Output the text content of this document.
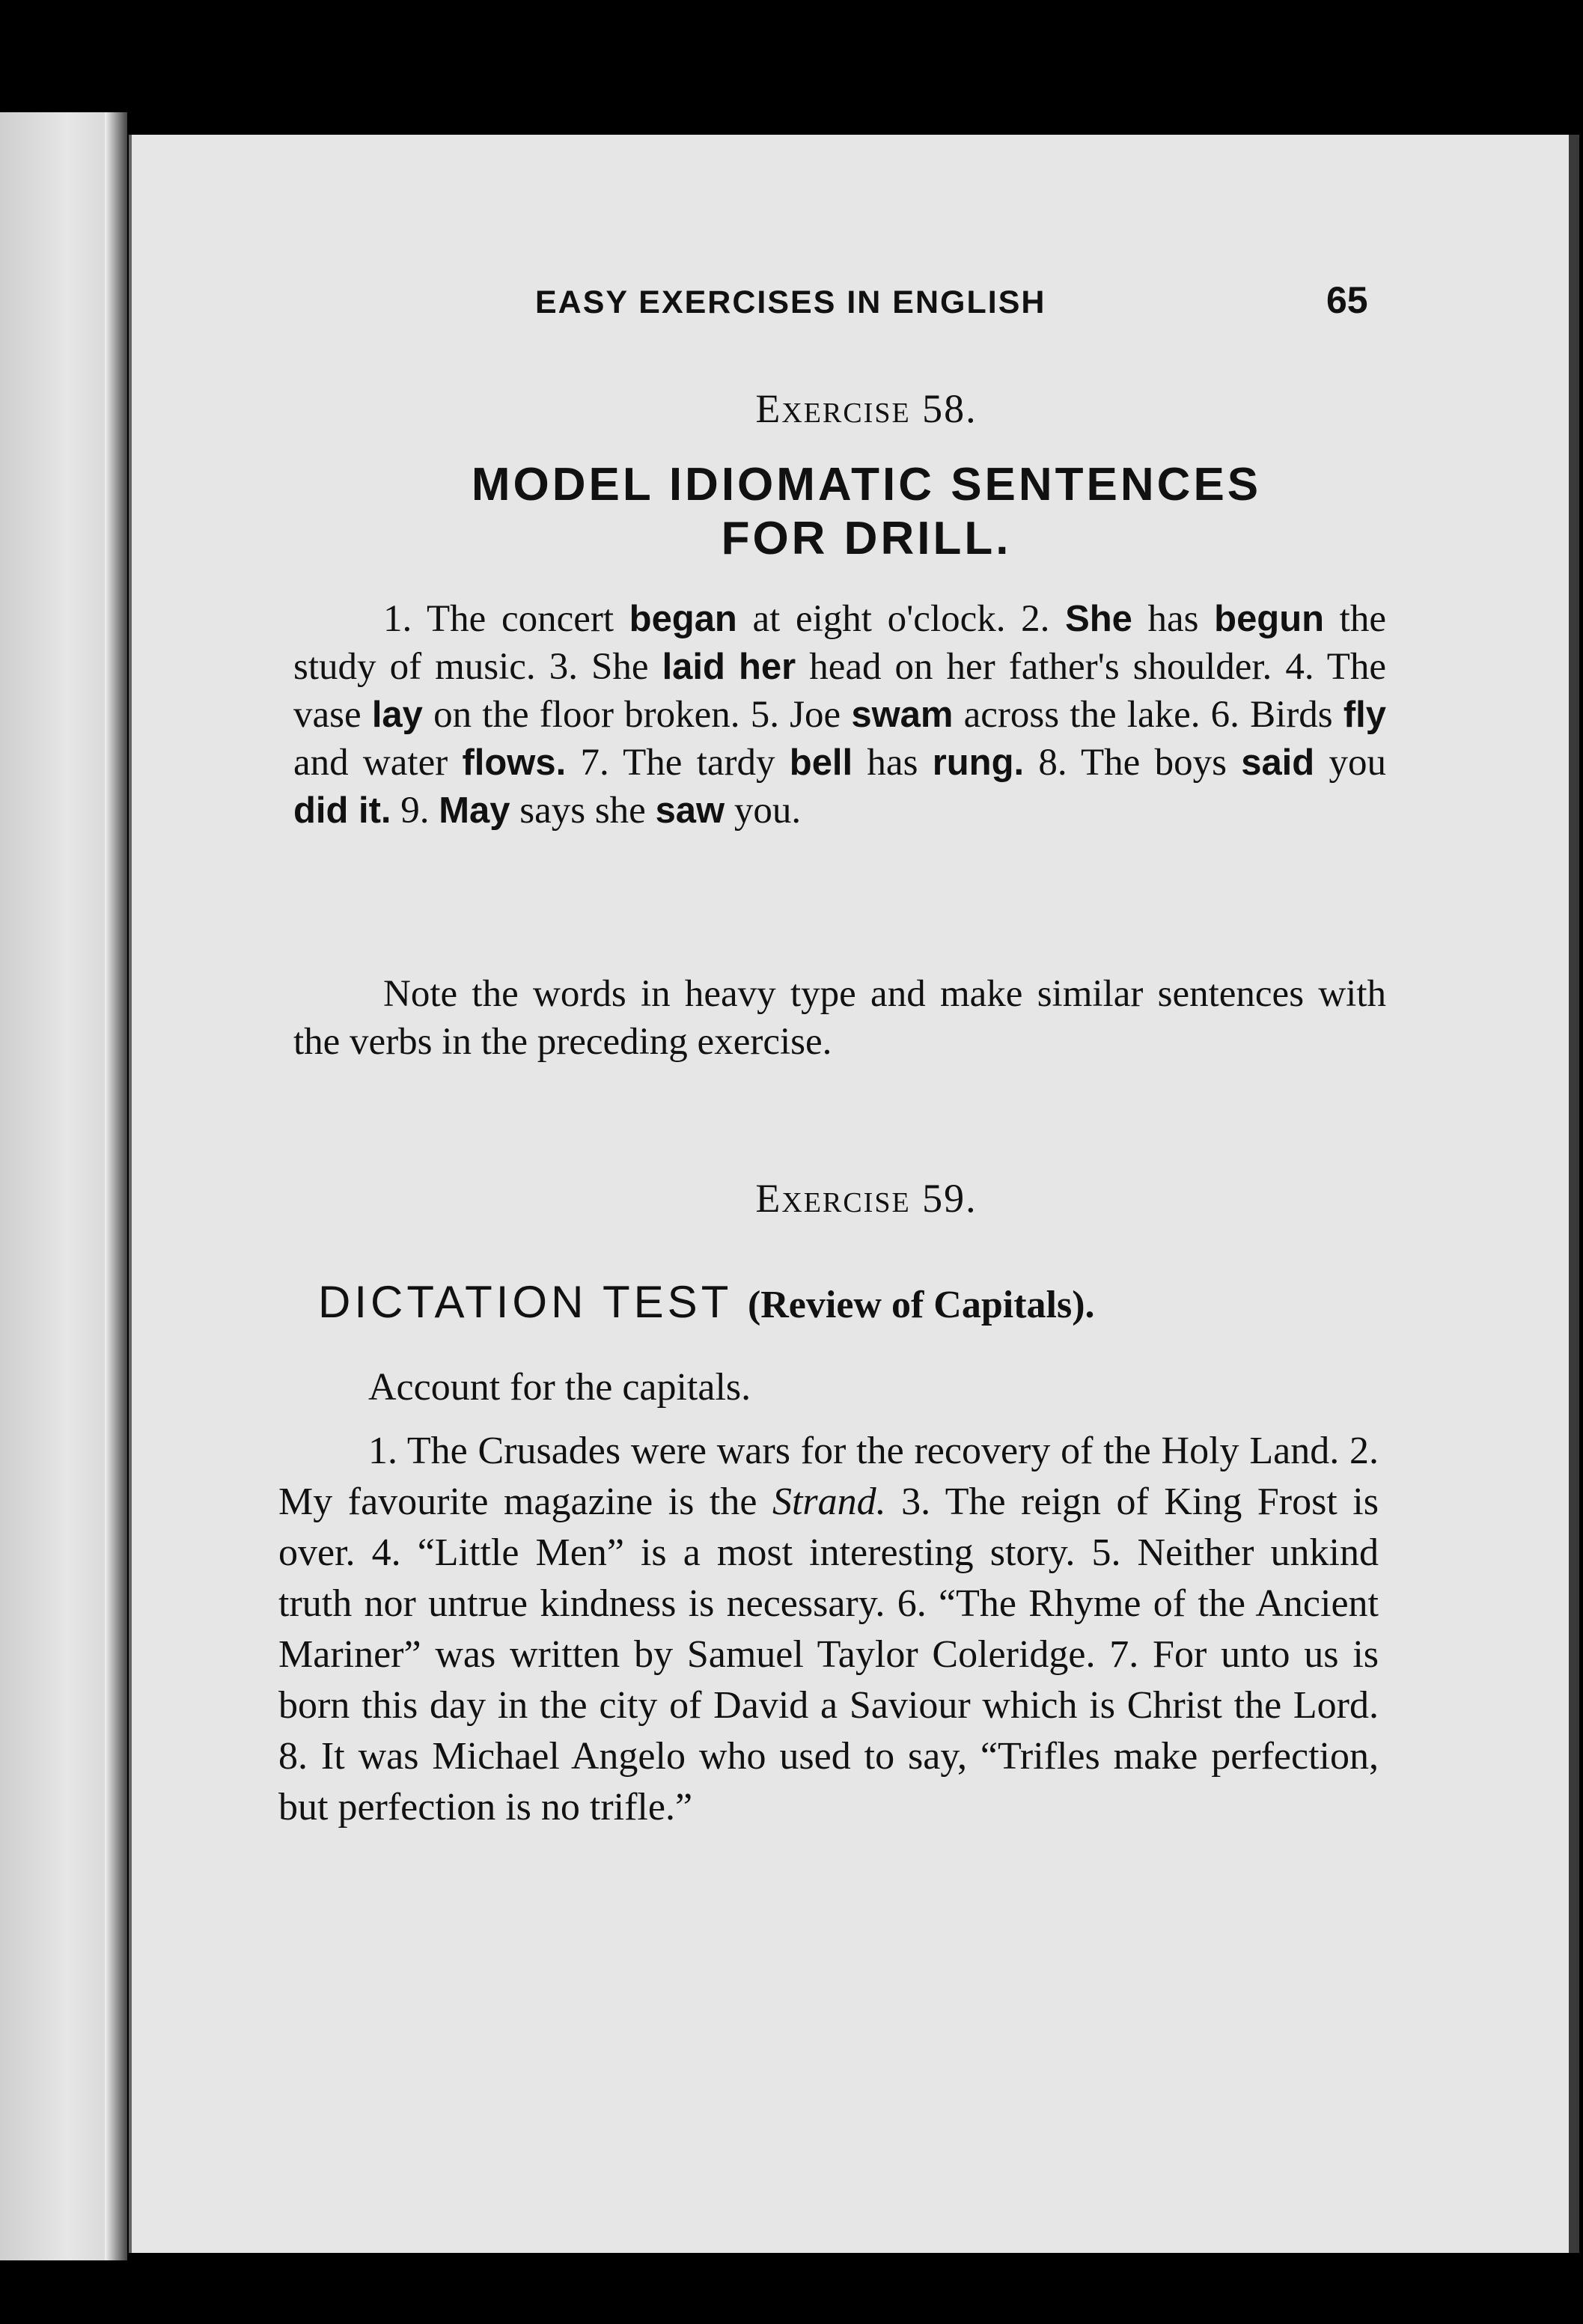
EASY EXERCISES IN ENGLISH	65
Exercise 58.
MODEL IDIOMATIC SENTENCES
FOR DRILL.

1. The concert began at eight o'clock. 2. She has begun the study of music. 3. She laid her head on her father's shoulder. 4. The vase lay on the floor broken. 5. Joe swam across the lake. 6. Birds fly and water flows. 7. The tardy bell has rung. 8. The boys said you did it. 9. May says she saw you.

Note the words in heavy type and make similar sentences with the verbs in the preceding exercise.

Exercise 59.
DICTATION TEST (Review of Capitals).

Account for the capitals.

1. The Crusades were wars for the recovery of the Holy Land. 2. My favourite magazine is the Strand. 3. The reign of King Frost is over. 4. “Little Men” is a most interesting story. 5. Neither unkind truth nor untrue kindness is necessary. 6. “The Rhyme of the Ancient Mariner” was written by Samuel Taylor Coleridge. 7. For unto us is born this day in the city of David a Saviour which is Christ the Lord. 8. It was Michael Angelo who used to say, “Trifles make perfection, but perfection is no trifle.”
